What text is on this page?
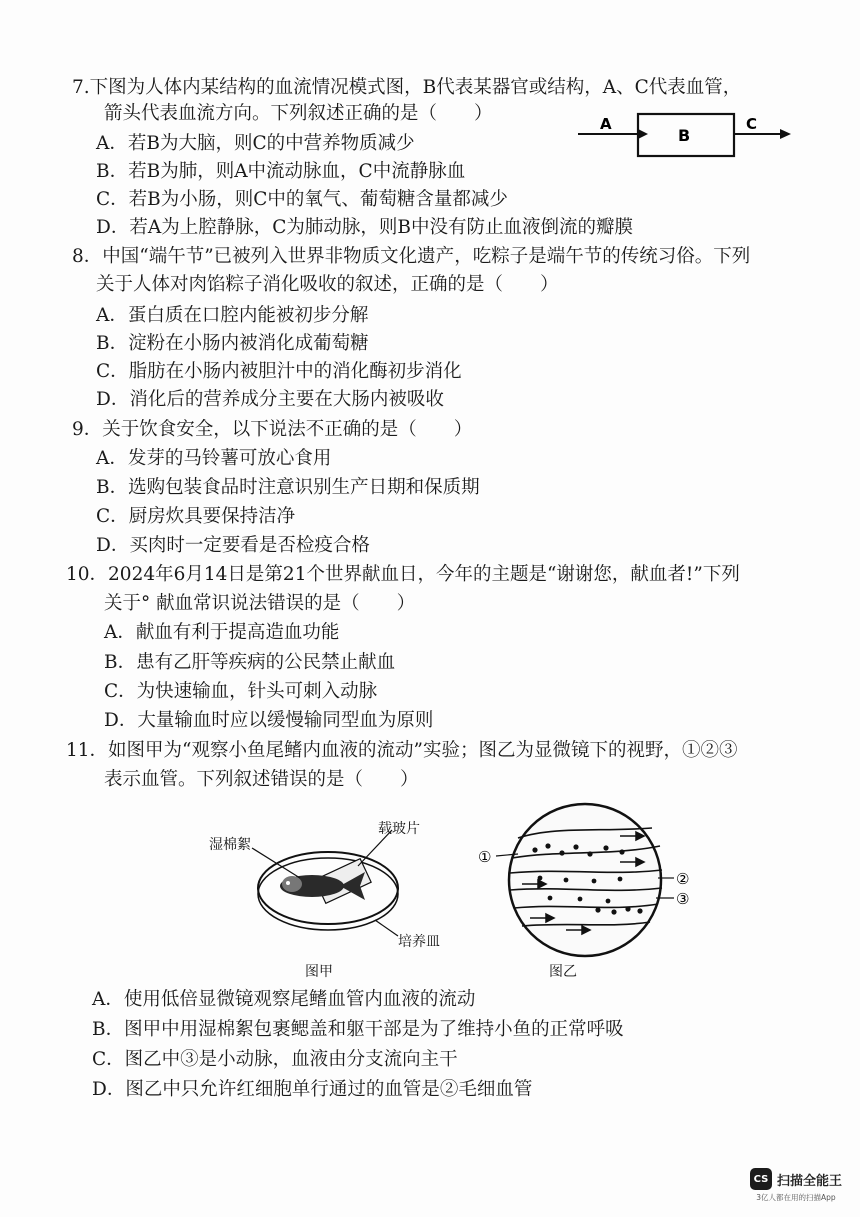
7.下图为人体内某结构的血流情况模式图，B代表某器官或结构，A、C代表血管，
箭头代表血流方向。下列叙述正确的是（　　）
A．若B为大脑，则C的中营养物质减少
B．若B为肺，则A中流动脉血，C中流静脉血
C．若B为小肠，则C中的氧气、葡萄糖含量都减少
D．若A为上腔静脉，C为肺动脉，则B中没有防止血液倒流的瓣膜
A
B
C
8．中国“端午节”已被列入世界非物质文化遗产，吃粽子是端午节的传统习俗。下列
关于人体对肉馅粽子消化吸收的叙述，正确的是（　　）
A．蛋白质在口腔内能被初步分解
B．淀粉在小肠内被消化成葡萄糖
C．脂肪在小肠内被胆汁中的消化酶初步消化
D．消化后的营养成分主要在大肠内被吸收
9．关于饮食安全，以下说法不正确的是（　　）
A．发芽的马铃薯可放心食用
B．选购包装食品时注意识别生产日期和保质期
C．厨房炊具要保持洁净
D．买肉时一定要看是否检疫合格
10．2024年6月14日是第21个世界献血日，今年的主题是“谢谢您，献血者!”下列
关于° 献血常识说法错误的是（　　）
A．献血有利于提高造血功能
B．患有乙肝等疾病的公民禁止献血
C．为快速输血，针头可刺入动脉
D．大量输血时应以缓慢输同型血为原则
11．如图甲为“观察小鱼尾鳍内血液的流动”实验；图乙为显微镜下的视野，①②③
表示血管。下列叙述错误的是（　　）
A．使用低倍显微镜观察尾鳍血管内血液的流动
B．图甲中用湿棉絮包裹鳃盖和躯干部是为了维持小鱼的正常呼吸
C．图乙中③是小动脉，血液由分支流向主干
D．图乙中只允许红细胞单行通过的血管是②毛细血管
湿棉絮
载玻片
培养皿
图甲
①
②
③
图乙
CS 扫描全能王
3亿人都在用的扫描App
